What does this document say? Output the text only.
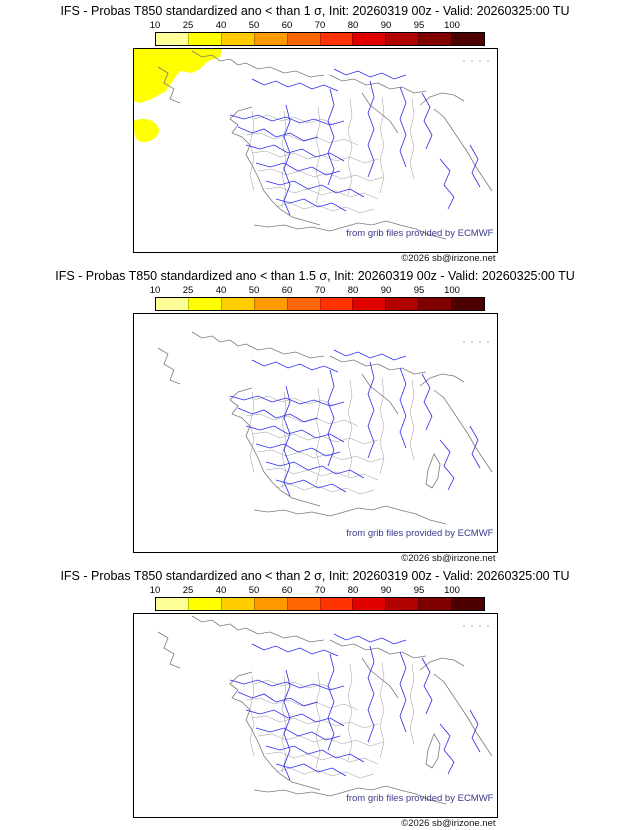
IFS - Probas T850 standardized ano < than 1 σ, Init: 20260319 00z - Valid: 20260325:00 TU
10 25 40 50 60 70 80 90 95 100
from grib files provided by ECMWF
©2026 sb@irizone.net
IFS - Probas T850 standardized ano < than 1.5 σ, Init: 20260319 00z - Valid: 20260325:00 TU
10 25 40 50 60 70 80 90 95 100
from grib files provided by ECMWF
©2026 sb@irizone.net
IFS - Probas T850 standardized ano < than 2 σ, Init: 20260319 00z - Valid: 20260325:00 TU
10 25 40 50 60 70 80 90 95 100
from grib files provided by ECMWF
©2026 sb@irizone.net
